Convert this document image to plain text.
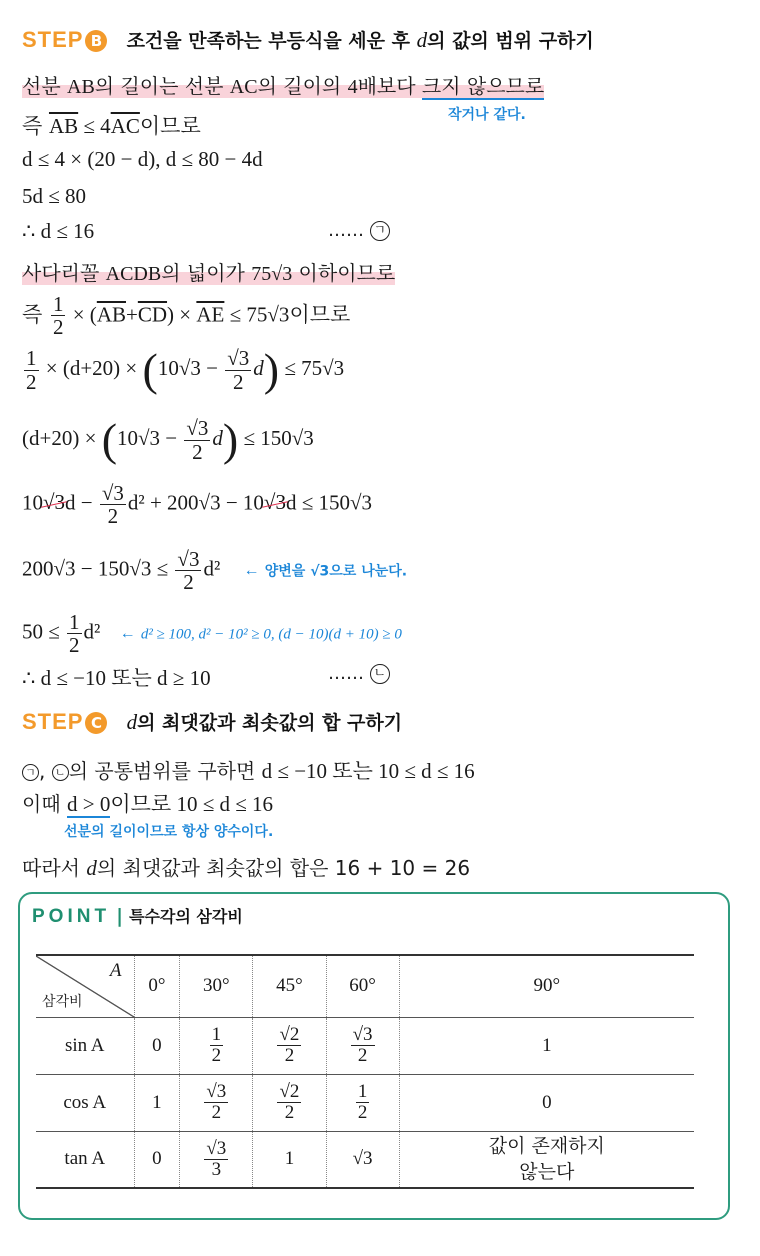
STEP B 조건을 만족하는 부등식을 세운 후 d의 값의 범위 구하기
선분 AB의 길이는 선분 AC의 길이의 4배보다 크지 않으므로
작거나 같다.
즉 $\overline{AB} \le 4\overline{AC}$이므로
d ≤ 4 × (20 − d), d ≤ 80 − 4d
5d ≤ 80
∴ d ≤ 16	…… ㄱ
사다리꼴 ACDB의 넓이가 75√3 이하이므로
즉 $\frac{1}{2} \times (\overline{AB}+\overline{CD}) \times \overline{AE} \le 75√3$이므로
$\frac{1}{2} \times (d+20) \times (10√3 - \frac{√3}{2} d) \le 75√3$
$(d+20) \times (10√3 - \frac{√3}{2} d) \le 150√3$
$10√3d - \frac{√3}{2} d^2 + 200√3 - 10√3d \le 150√3$
$200√3 - 150√3 \le \frac{√3}{2} d^2$ ← 양변을 √3으로 나눈다.
$50 \le \frac{1}{2} d^2$ ← d² ≥ 100, d² − 10² ≥ 0, (d − 10)(d + 10) ≥ 0
∴ d ≤ −10 또는 d ≥ 10	…… ㄴ
STEP C d의 최댓값과 최솟값의 합 구하기
ㄱ , ㄴ 의 공통범위를 구하면 d ≤ −10 또는 10 ≤ d ≤ 16
이때 d > 0이므로 10 ≤ d ≤ 16
선분의 길이이므로 항상 양수이다.
따라서 d의 최댓값과 최솟값의 합은 16 + 10 = 26
POINT | 특수각의 삼각비
A
삼각비	0°	30°	45°	60°	90°
sin A	0	$\frac{1}{2}$	$\frac{√2}{2}$	$\frac{√3}{2}$	1
cos A	1	$\frac{√3}{2}$	$\frac{√2}{2}$	$\frac{1}{2}$	0
tan A	0	$\frac{√3}{3}$	1	√3	값이 존재하지
않는다
